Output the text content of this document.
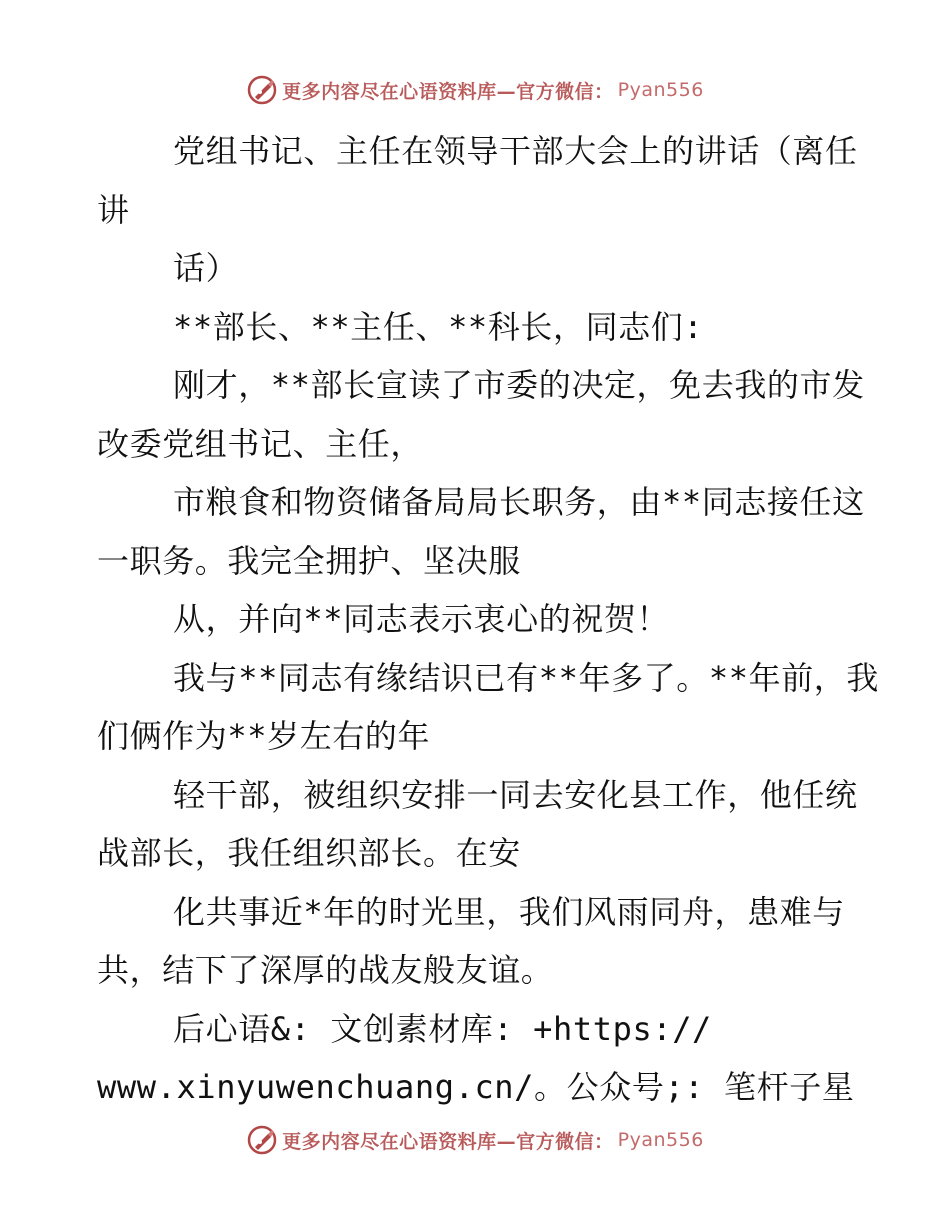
更多内容尽在心语资料库—官方微信： Pyan556
党组书记、主任在领导干部大会上的讲话（离任
讲
话）
**部长、**主任、**科长，同志们:
刚才，**部长宣读了市委的决定，免去我的市发
改委党组书记、主任，
市粮食和物资储备局局长职务，由**同志接任这
一职务。我完全拥护、坚决服
从，并向**同志表示衷心的祝贺！
我与**同志有缘结识已有**年多了。**年前，我
们俩作为**岁左右的年
轻干部，被组织安排一同去安化县工作，他任统
战部长，我任组织部长。在安
化共事近*年的时光里，我们风雨同舟，患难与
共，结下了深厚的战友般友谊。
后心语&: 文创素材库: +https://
www.xinyuwenchuang.cn/。公众号;: 笔杆子星
更多内容尽在心语资料库—官方微信： Pyan556
